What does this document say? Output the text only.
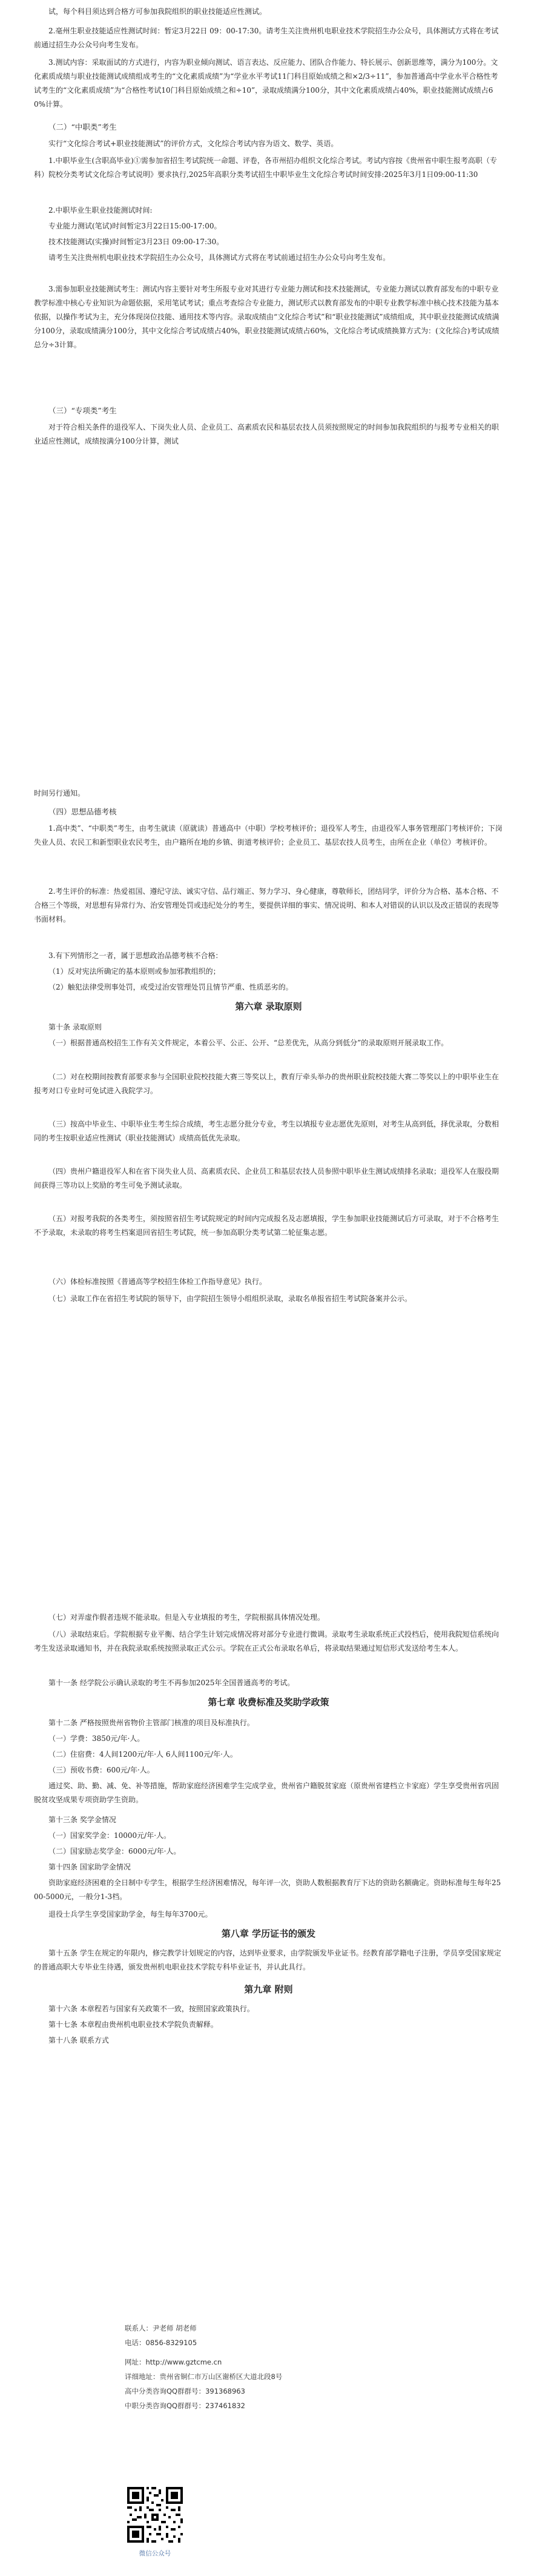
试，每个科目须达到合格方可参加我院组织的职业技能适应性测试。

2.毫州生职业技能适应性测试时间：暂定3月22日 09：00-17:30。请考生关注贵州机电职业技术学院招生办公众号，具体测试方式将在考试前通过招生办公众号向考生发布。

3.测试内容：采取面试的方式进行，内容为职业倾向测试、语言表达、反应能力、团队合作能力、特长展示、创新思维等，满分为100分。文化素质成绩与职业技能测试成绩组成考生的“文化素质成绩”为“学业水平考试11门科目原始成绩之和×2/3÷11”，参加普通高中学业水平合格性考试考生的“文化素质成绩”为“合格性考试10门科目原始成绩之和÷10”，录取成绩满分100分，其中文化素质成绩占40%，职业技能测试成绩占60%计算。

（二）“中职类”考生

实行“文化综合考试+职业技能测试”的评价方式，文化综合考试内容为语文、数学、英语。

1.中职毕业生(含职高毕业)①需参加省招生考试院统一命题、评卷，各市州招办组织文化综合考试。考试内容按《贵州省中职生报考高职（专科）院校分类考试文化综合考试说明》要求执行,2025年高职分类考试招生中职毕业生文化综合考试时间安排:2025年3月1日09:00-11:30

2.中职毕业生职业技能测试时间:

专业能力测试(笔试)时间暂定3月22日15:00-17:00。

技术技能测试(实操)时间暂定3月23日 09:00-17:30。

请考生关注贵州机电职业技术学院招生办公众号，具体测试方式将在考试前通过招生办公众号向考生发布。

3.需参加职业技能测试考生：测试内容主要针对考生所报专业对其进行专业能力测试和技术技能测试，专业能力测试以教育部发布的中职专业教学标准中核心专业知识为命题依据，采用笔试考试；重点考查综合专业能力，测试形式以教育部发布的中职专业教学标准中核心技术技能为基本依据，以操作考试为主，充分体现岗位技能、通用技术等内容。录取成绩由“文化综合考试”和“职业技能测试”成绩组成，其中职业技能测试成绩满分100分，录取成绩满分100分，其中文化综合考试成绩占40%，职业技能测试成绩占60%，文化综合考试成绩换算方式为：(文化综合)考试成绩总分÷3计算。

（三）“专项类”考生

对于符合相关条件的退役军人、下岗失业人员、企业员工、高素质农民和基层农技人员须按照规定的时间参加我院组织的与报考专业相关的职业适应性测试，成绩按满分100分计算，测试

时间另行通知。

（四）思想品德考核

1.高中类”、“中职类”考生，由考生就读（原就读）普通高中（中职）学校考核评价；退役军人考生，由退役军人事务管理部门考核评价；下岗失业人员、农民工和新型职业农民考生，由户籍所在地的乡镇、街道考核评价；企业员工、基层农技人员考生，由所在企业（单位）考核评价。

2.考生评价的标准：热爱祖国、遵纪守法、诚实守信、品行端正、努力学习、身心健康，尊敬师长，团结同学，评价分为合格、基本合格、不合格三个等级，对思想有异常行为、治安管理处罚或违纪处分的考生，要提供详细的事实、情况说明、和本人对错误的认识以及改正错误的表现等书面材料。

3.有下列情形之一者，属于思想政治品德考核不合格：

（1）反对宪法所确定的基本原则或参加邪教组织的；

（2）触犯法律受刑事处罚，或受过治安管理处罚且情节严重、性质恶劣的。

第六章 录取原则

第十条 录取原则

（一）根据普通高校招生工作有关文件规定，本着公平、公正、公开、“总差优先，从高分到低分”的录取原则开展录取工作。

（二）对在校期间按教育部要求参与全国职业院校技能大赛三等奖以上，教育厅牵头举办的贵州职业院校技能大赛二等奖以上的中职毕业生在报考对口专业时可免试进入我院学习。

（三）按高中毕业生、中职毕业生考生综合成绩，考生志愿分批分专业，考生以填报专业志愿优先原则，对考生从高到低，择优录取，分数相同的考生按职业适应性测试（职业技能测试）成绩高低优先录取。

（四）贵州户籍退役军人和在省下岗失业人员、高素质农民、企业员工和基层农技人员参照中职毕业生测试成绩排名录取；退役军人在服役期间获得三等功以上奖励的考生可免予测试录取。

（五）对报考我院的各类考生，须按照省招生考试院规定的时间内完成报名及志愿填报，学生参加职业技能测试后方可录取，对于不合格考生不予录取，未录取的将考生档案退回省招生考试院，统一参加高职分类考试第二轮征集志愿。

（六）体检标准按照《普通高等学校招生体检工作指导意见》执行。

（七）录取工作在省招生考试院的领导下，由学院招生领导小组组织录取，录取名单报省招生考试院备案并公示。

（七）对弄虚作假者违规不能录取。但是入专业填报的考生，学院根据具体情况处理。

（八）录取结束后。学院根据专业平衡、结合学生计划完成情况将对部分专业进行微调。录取考生录取系统正式投档后，使用我院短信系统向考生发送录取通知书，并在我院录取系统按照录取正式公示。学院在正式公布录取名单后，将录取结果通过短信形式发送给考生本人。

第十一条 经学院公示确认录取的考生不再参加2025年全国普通高考的考试。

第七章 收费标准及奖助学政策

第十二条 严格按照贵州省物价主管部门核准的项目及标准执行。

（一）学费：3850元/年·人。

（二）住宿费：4人间1200元/年·人 6人间1100元/年·人。

（三）预收书费：600元/年·人。

通过奖、助、勤、减、免、补等措施，帮助家庭经济困难学生完成学业，贵州省户籍脱贫家庭（原贵州省建档立卡家庭）学生享受贵州省巩固脱贫攻坚成果专项资助学生资助。

第十三条 奖学金情况

（一）国家奖学金：10000元/年·人。

（二）国家励志奖学金：6000元/年·人。

第十四条 国家助学金情况

资助家庭经济困难的全日制中专学生，根据学生经济困难情况，每年评一次，资助人数根据教育厅下达的资助名额确定。资助标准每生每年2500-5000元，一般分1-3档。

退役士兵学生享受国家助学金，每生每年3700元。

第八章 学历证书的颁发

第十五条 学生在规定的年限内，修完教学计划规定的内容，达到毕业要求，由学院颁发毕业证书。经教育部学籍电子注册，学员享受国家规定的普通高职大专毕业生待遇，颁发贵州机电职业技术学院专科毕业证书，并认此具行。

第九章 附则

第十六条 本章程若与国家有关政策不一致，按照国家政策执行。

第十七条 本章程由贵州机电职业技术学院负责解释。

第十八条 联系方式

联系人：尹老师 胡老师

电话：0856-8329105

网址：http://www.gztcme.cn

详细地址：贵州省铜仁市万山区谢桥区大道北段8号

高中分类咨询QQ群群号：391368963

中职分类咨询QQ群群号：237461832

微信公众号
